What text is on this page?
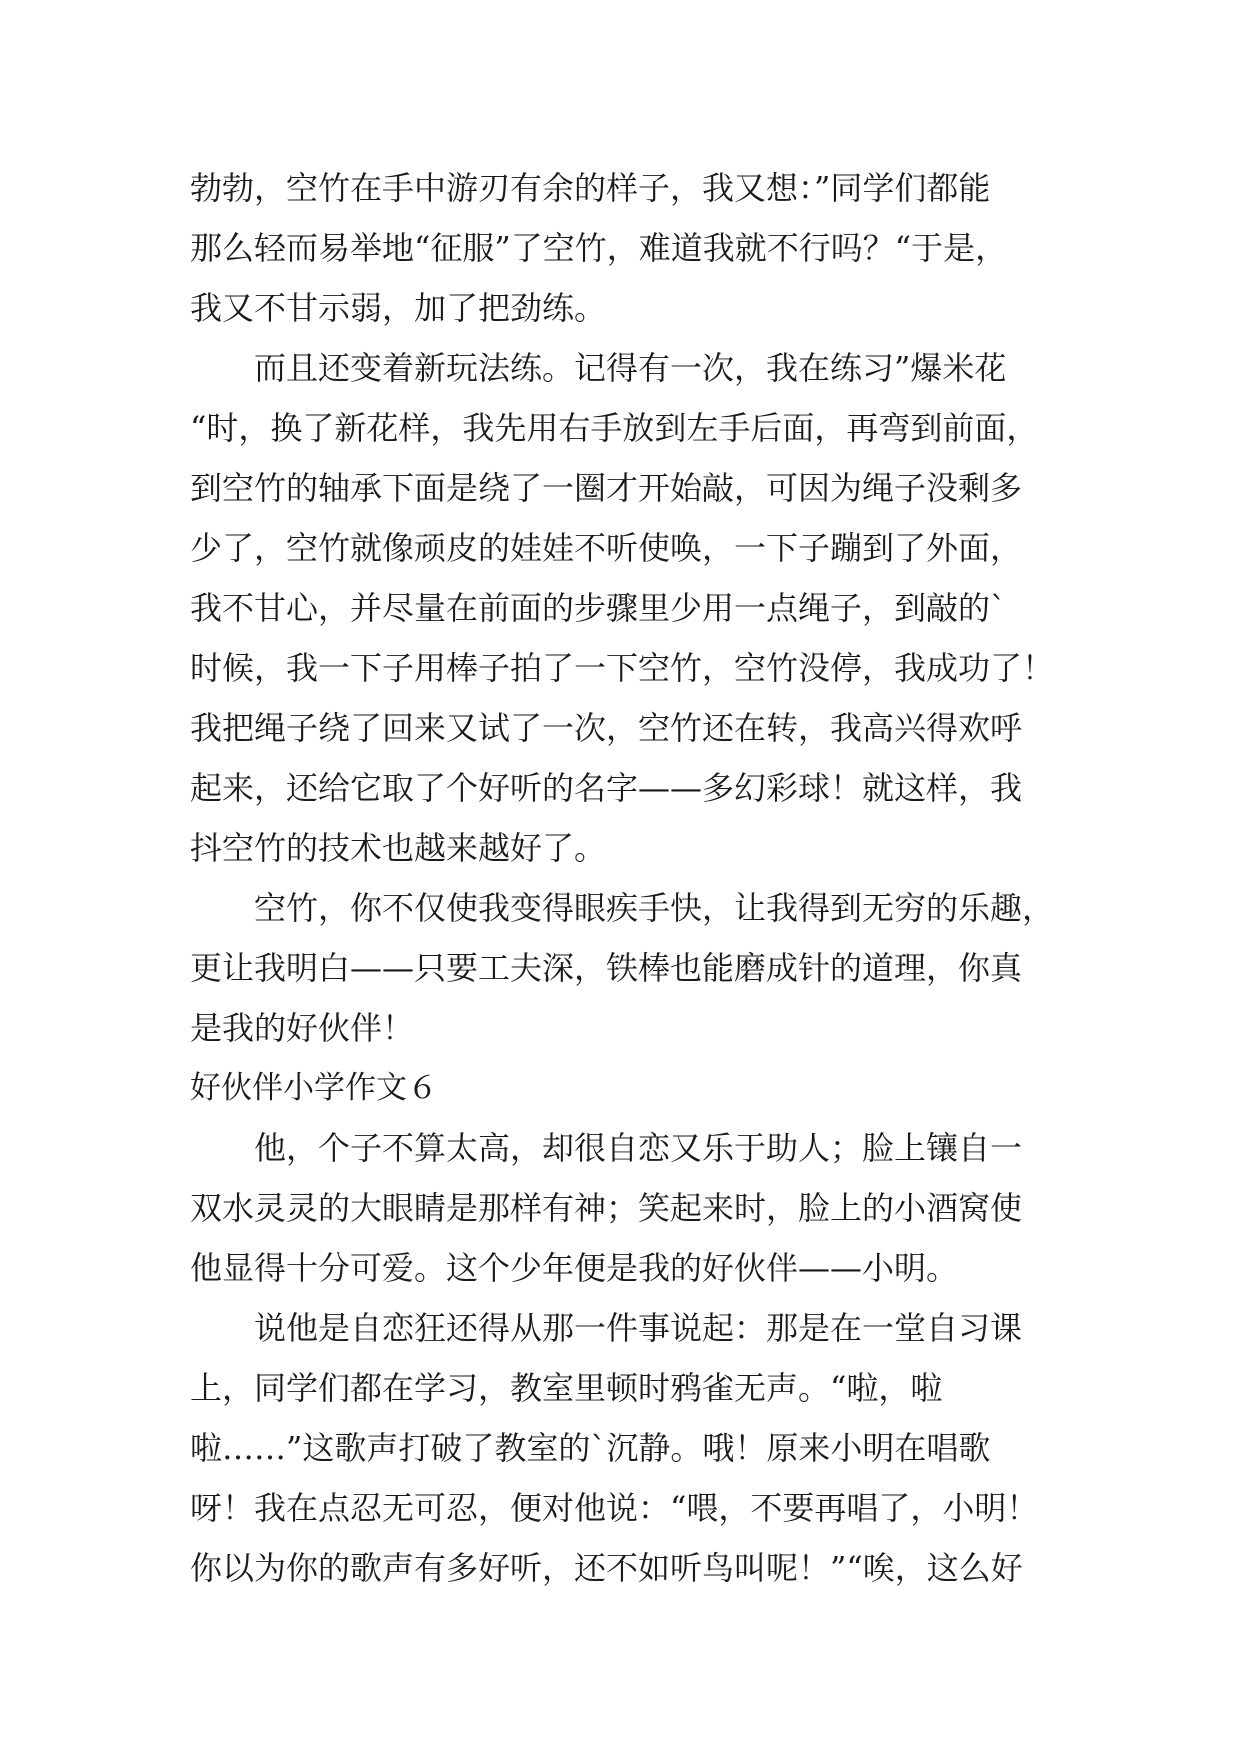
勃勃，空竹在手中游刃有余的样子，我又想：”同学们都能
那么轻而易举地“征服”了空竹，难道我就不行吗？“于是，
我又不甘示弱，加了把劲练。
而且还变着新玩法练。记得有一次，我在练习”爆米花
“时，换了新花样，我先用右手放到左手后面，再弯到前面，
到空竹的轴承下面是绕了一圈才开始敲，可因为绳子没剩多
少了，空竹就像顽皮的娃娃不听使唤，一下子蹦到了外面，
我不甘心，并尽量在前面的步骤里少用一点绳子，到敲的`
时候，我一下子用棒子拍了一下空竹，空竹没停，我成功了！
我把绳子绕了回来又试了一次，空竹还在转，我高兴得欢呼
起来，还给它取了个好听的名字——多幻彩球！就这样，我
抖空竹的技术也越来越好了。
空竹，你不仅使我变得眼疾手快，让我得到无穷的乐趣，
更让我明白——只要工夫深，铁棒也能磨成针的道理，你真
是我的好伙伴！
好伙伴小学作文６
他，个子不算太高，却很自恋又乐于助人；脸上镶自一
双水灵灵的大眼睛是那样有神；笑起来时，脸上的小酒窝使
他显得十分可爱。这个少年便是我的好伙伴——小明。
说他是自恋狂还得从那一件事说起：那是在一堂自习课
上，同学们都在学习，教室里顿时鸦雀无声。“啦，啦
啦……”这歌声打破了教室的`沉静。哦！原来小明在唱歌
呀！我在点忍无可忍，便对他说：“喂，不要再唱了，小明！
你以为你的歌声有多好听，还不如听鸟叫呢！”“唉，这么好
